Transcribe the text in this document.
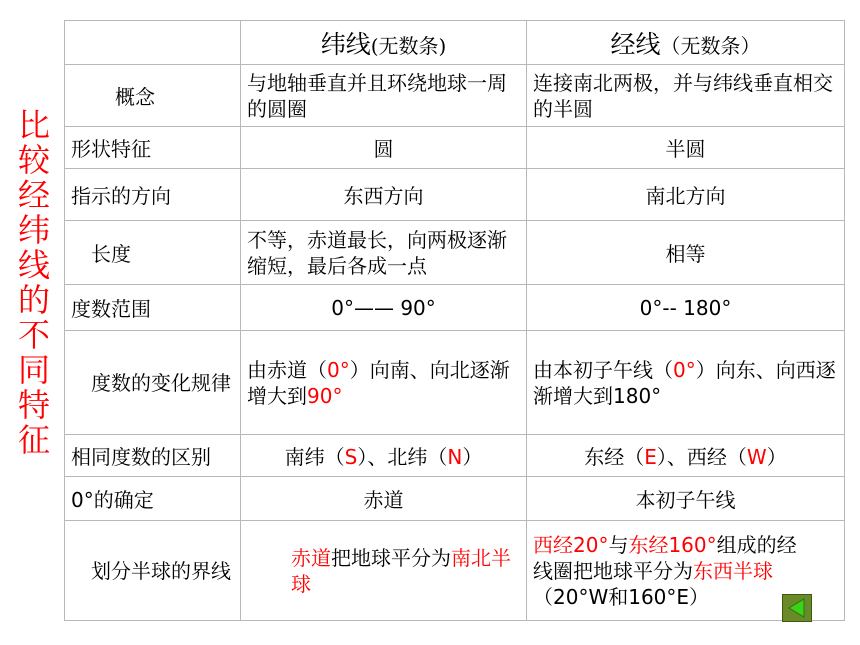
比
较
经
纬
线
的
不
同
特
征
	纬线(无数条)	经线（无数条）
概念	与地轴垂直并且环绕地球一周的圆圈	连接南北两极，并与纬线垂直相交的半圆
形状特征	圆	半圆
指示的方向	东西方向	南北方向
长度	不等，赤道最长，向两极逐渐缩短，最后各成一点	相等
度数范围	0°—— 90°	0°-- 180°
度数的变化规律	由赤道（0°）向南、向北逐渐增大到90°	由本初子午线（0°）向东、向西逐渐增大到180°
相同度数的区别	南纬（S）、北纬（N）	东经（E）、西经（W）
0°的确定	赤道	本初子午线
划分半球的界线	赤道把地球平分为南北半球	西经20°与东经160°组成的经线圈把地球平分为东西半球（20°W和160°E）
